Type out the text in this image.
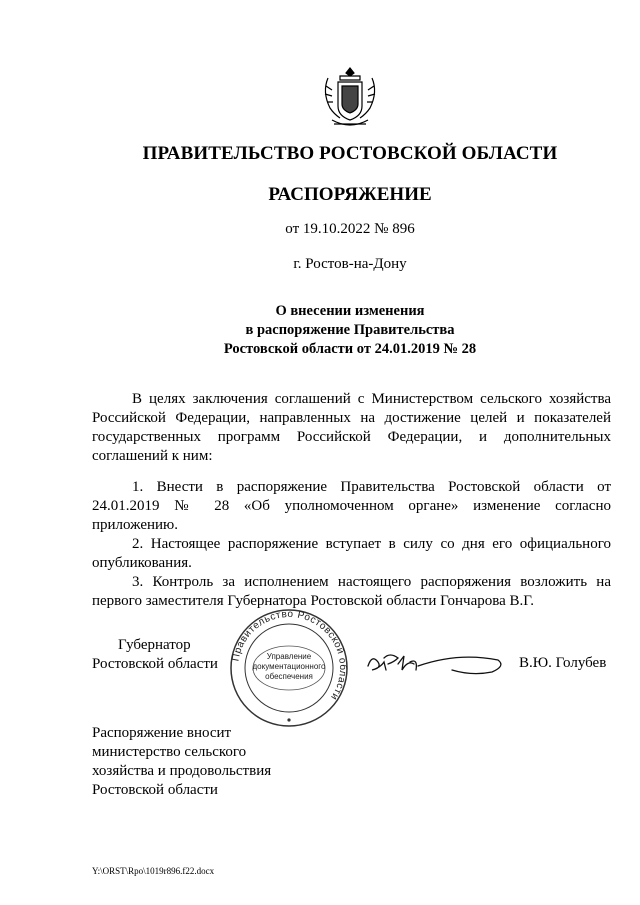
ПРАВИТЕЛЬСТВО РОСТОВСКОЙ ОБЛАСТИ
РАСПОРЯЖЕНИЕ
от 19.10.2022 № 896
г. Ростов-на-Дону
О внесении изменения
в распоряжение Правительства
Ростовской области от 24.01.2019 № 28

В целях заключения соглашений с Министерством сельского хозяйства Российской Федерации, направленных на достижение целей и показателей государственных программ Российской Федерации, и дополнительных соглашений к ним:

1. Внести в распоряжение Правительства Ростовской области от 24.01.2019 № 28 «Об уполномоченном органе» изменение согласно приложению.

2. Настоящее распоряжение вступает в силу со дня его официального опубликования.

3. Контроль за исполнением настоящего распоряжения возложить на первого заместителя Губернатора Ростовской области Гончарова В.Г.

Губернатор
Ростовской области Правительство Ростовской области
Управление
документационного
обеспечения
В.Ю. Голубев
Распоряжение вносит
министерство сельского
хозяйства и продовольствия
Ростовской области
Y:\ORST\Rpo\1019r896.f22.docx
